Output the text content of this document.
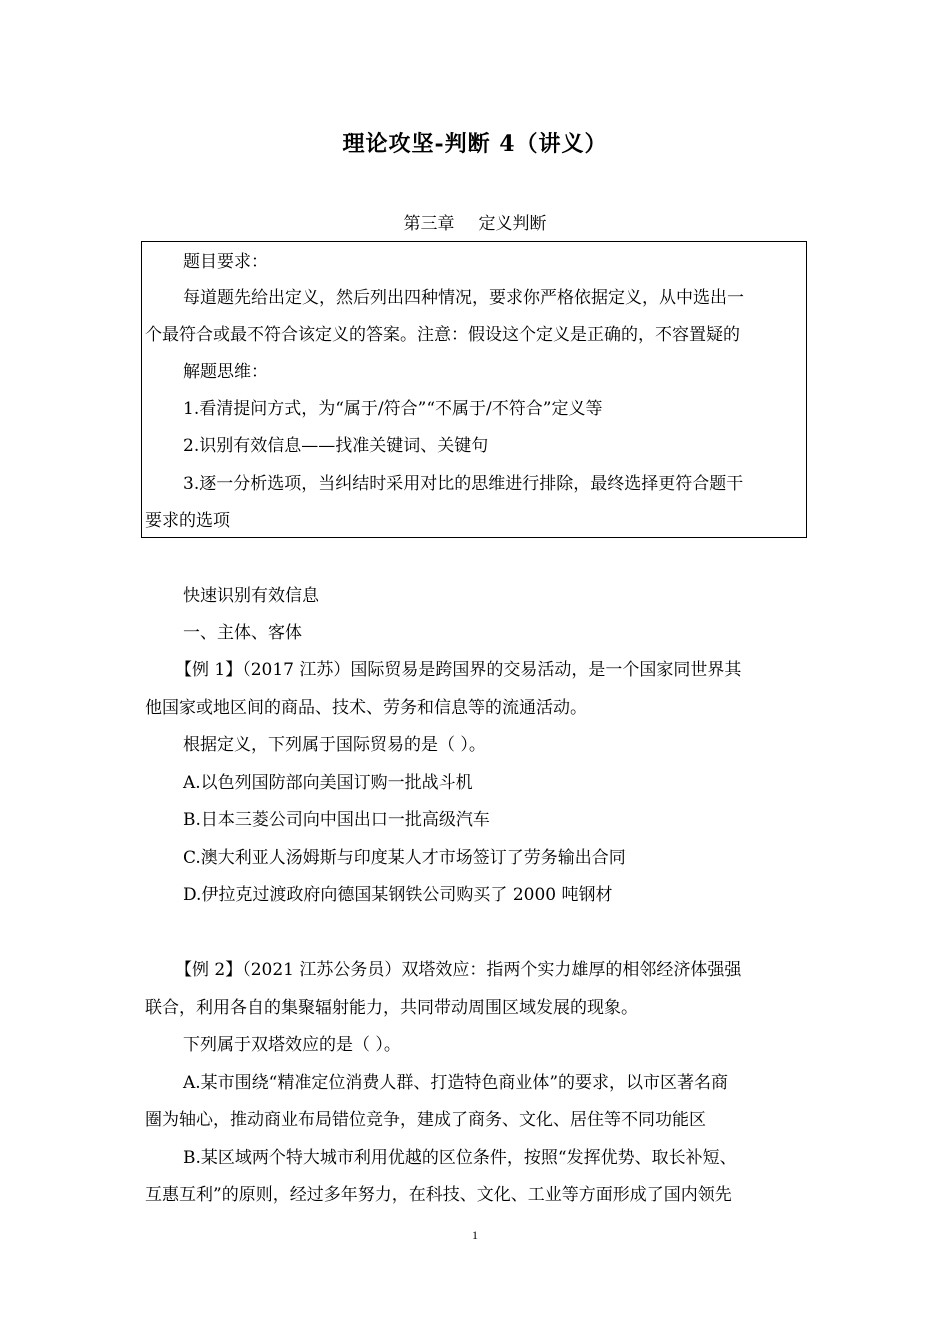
理论攻坚-判断 4（讲义）
第三章 定义判断
题目要求：
每道题先给出定义，然后列出四种情况，要求你严格依据定义，从中选出一
个最符合或最不符合该定义的答案。注意：假设这个定义是正确的，不容置疑的
解题思维：
1.看清提问方式，为“属于/符合”“不属于/不符合”定义等
2.识别有效信息——找准关键词、关键句
3.逐一分析选项，当纠结时采用对比的思维进行排除，最终选择更符合题干
要求的选项
快速识别有效信息
一、主体、客体
【例 1】（2017 江苏）国际贸易是跨国界的交易活动，是一个国家同世界其
他国家或地区间的商品、技术、劳务和信息等的流通活动。
根据定义，下列属于国际贸易的是（ ）。
A.以色列国防部向美国订购一批战斗机
B.日本三菱公司向中国出口一批高级汽车
C.澳大利亚人汤姆斯与印度某人才市场签订了劳务输出合同
D.伊拉克过渡政府向德国某钢铁公司购买了 2000 吨钢材
【例 2】（2021 江苏公务员）双塔效应：指两个实力雄厚的相邻经济体强强
联合，利用各自的集聚辐射能力，共同带动周围区域发展的现象。
下列属于双塔效应的是（ ）。
A.某市围绕“精准定位消费人群、打造特色商业体”的要求，以市区著名商
圈为轴心，推动商业布局错位竞争，建成了商务、文化、居住等不同功能区
B.某区域两个特大城市利用优越的区位条件，按照“发挥优势、取长补短、
互惠互利”的原则，经过多年努力，在科技、文化、工业等方面形成了国内领先
1
